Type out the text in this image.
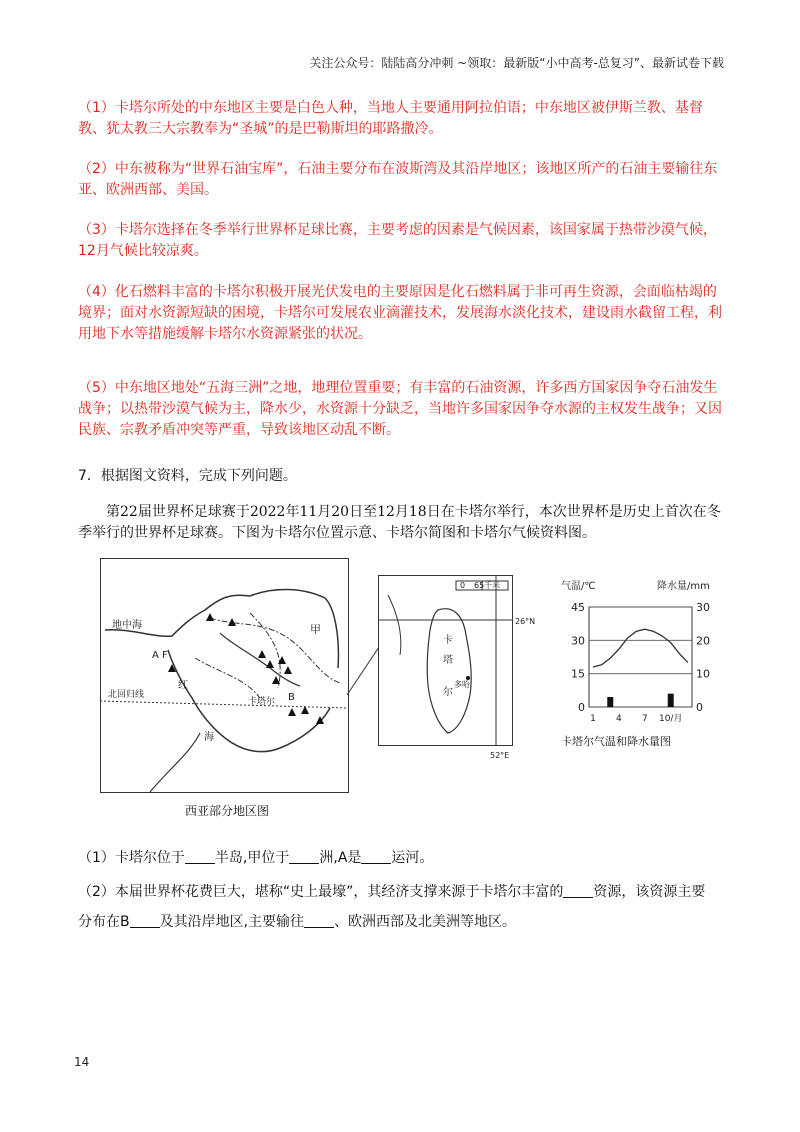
关注公众号：陆陆高分冲刺 ~领取：最新版“小中高考-总复习”、最新试卷下载
（1）卡塔尔所处的中东地区主要是白色人种，当地人主要通用阿拉伯语；中东地区被伊斯兰教、基督教、犹太教三大宗教奉为“圣城”的是巴勒斯坦的耶路撒冷。
（2）中东被称为“世界石油宝库”，石油主要分布在波斯湾及其沿岸地区；该地区所产的石油主要输往东亚、欧洲西部、美国。
（3）卡塔尔选择在冬季举行世界杯足球比赛，主要考虑的因素是气候因素，该国家属于热带沙漠气候，12月气候比较凉爽。
（4）化石燃料丰富的卡塔尔积极开展光伏发电的主要原因是化石燃料属于非可再生资源，会面临枯竭的境界；面对水资源短缺的困境，卡塔尔可发展农业滴灌技术，发展海水淡化技术，建设雨水截留工程，利用地下水等措施缓解卡塔尔水资源紧张的状况。
（5）中东地区地处“五海三洲”之地，地理位置重要；有丰富的石油资源，许多西方国家因争夺石油发生战争；以热带沙漠气候为主，降水少，水资源十分缺乏，当地许多国家因争夺水源的主权发生战争；又因民族、宗教矛盾冲突等严重，导致该地区动乱不断。
7．根据图文资料，完成下列问题。
第22届世界杯足球赛于2022年11月20日至12月18日在卡塔尔举行，本次世界杯是历史上首次在冬季举行的世界杯足球赛。下图为卡塔尔位置示意、卡塔尔简图和卡塔尔气候资料图。
地中海	甲
A F
红
海
北回归线
卡塔尔 B
西亚部分地区图
0 65千米
卡
塔
尔
多哈
26°N
52°E
气温/℃	降水量/mm
45
30
15
0
30
20
10
0
1 4 7 10/月
卡塔尔气温和降水量图
（1）卡塔尔位于 半岛,甲位于 洲,A是 运河。
（2）本届世界杯花费巨大，堪称“史上最壕”，其经济支撑来源于卡塔尔丰富的 资源，该资源主要
分布在B 及其沿岸地区,主要输往 、欧洲西部及北美洲等地区。
14
